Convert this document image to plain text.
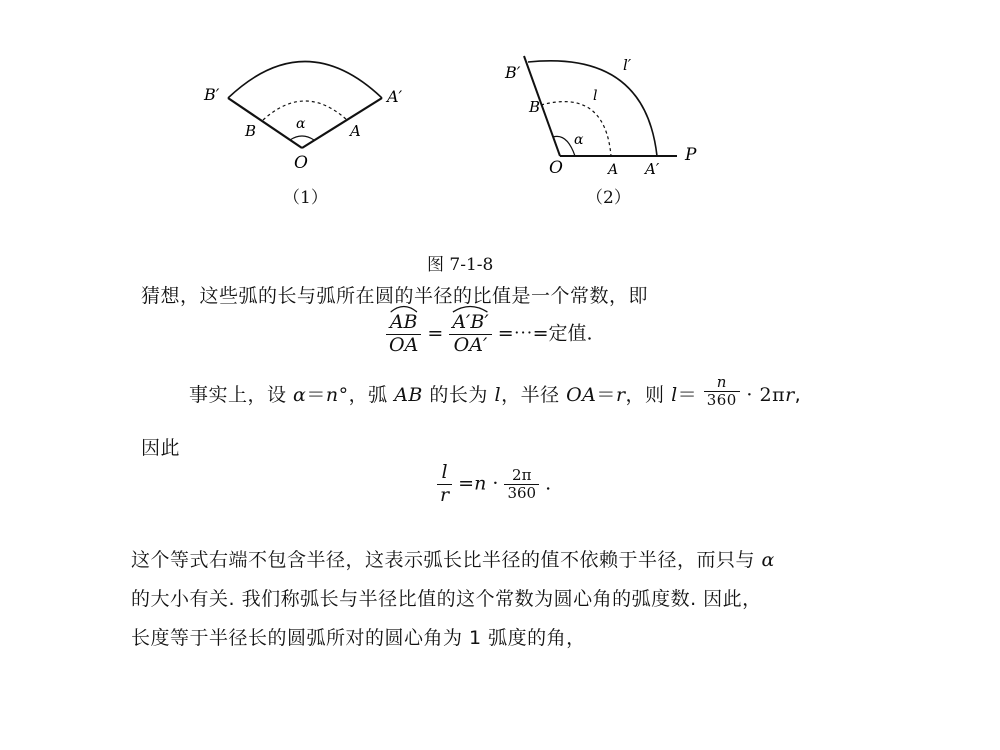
B′	A′
B	A
α
O
（1）
B′	l′
B
l
α
O	A A′
P
（2）
图 7-1-8
猜想，这些弧的长与弧所在圆的半径的比值是一个常数，即
$\frac{AB}{OA} = \frac{A'B'}{OA'}$ =⋯=定值.
事实上，设 α＝n°，弧 AB 的长为 l，半径 OA＝r，则 $l= \frac{n}{360} \cdot 2\pi r$,
因此
$\frac{l}{r} =n \cdot \frac{2\pi}{360}$ .
这个等式右端不包含半径，这表示弧长比半径的值不依赖于半径，而只与 α
的大小有关. 我们称弧长与半径比值的这个常数为圆心角的弧度数. 因此，
长度等于半径长的圆弧所对的圆心角为 1 弧度的角，
